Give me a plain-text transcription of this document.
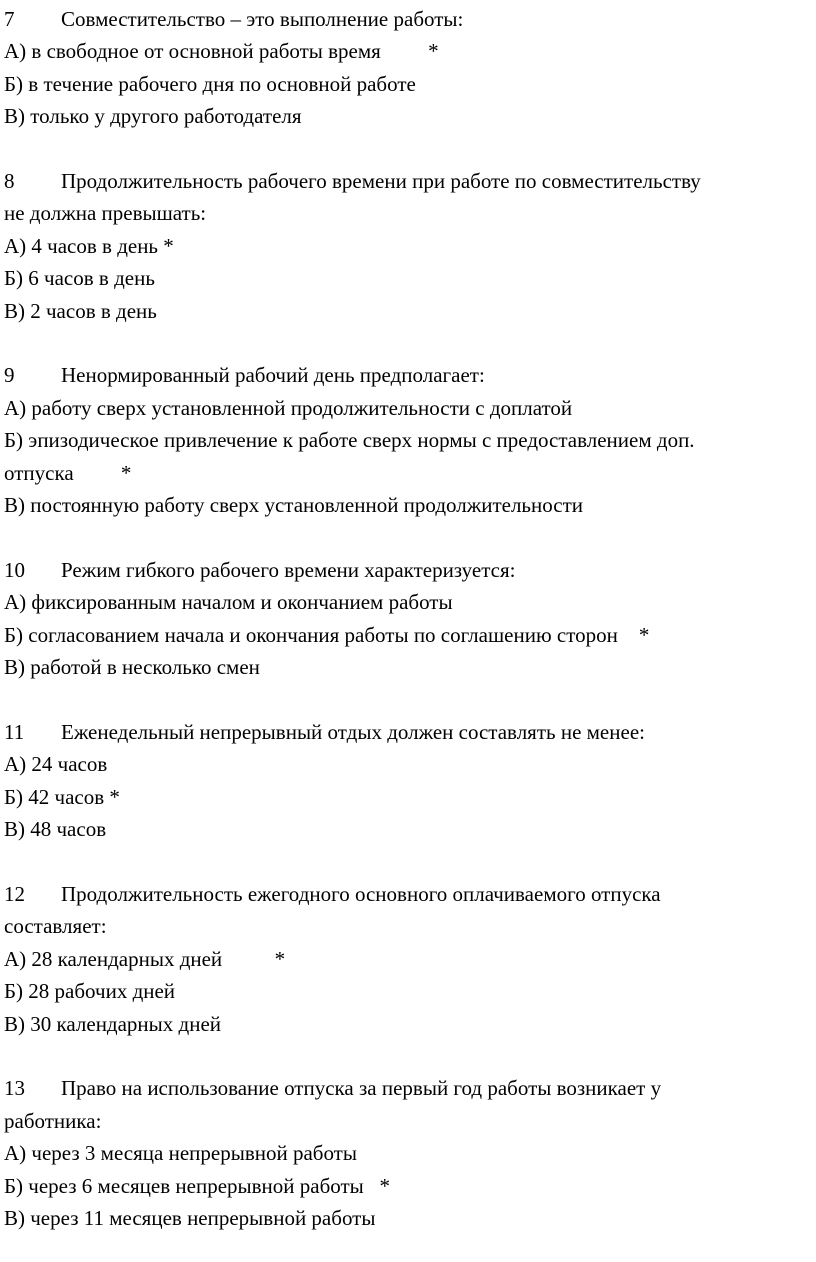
7 Совместительство – это выполнение работы:

А) в свободное от основной работы время         *

Б) в течение рабочего дня по основной работе

В) только у другого работодателя

8 Продолжительность рабочего времени при работе по совместительству

не должна превышать:

А) 4 часов в день *

Б) 6 часов в день

В) 2 часов в день

9 Ненормированный рабочий день предполагает:

А) работу сверх установленной продолжительности с доплатой

Б) эпизодическое привлечение к работе сверх нормы с предоставлением доп.

отпуска         *

В) постоянную работу сверх установленной продолжительности

10 Режим гибкого рабочего времени характеризуется:

А) фиксированным началом и окончанием работы

Б) согласованием начала и окончания работы по соглашению сторон    *

В) работой в несколько смен

11 Еженедельный непрерывный отдых должен составлять не менее:

А) 24 часов

Б) 42 часов *

В) 48 часов

12 Продолжительность ежегодного основного оплачиваемого отпуска

составляет:

А) 28 календарных дней          *

Б) 28 рабочих дней

В) 30 календарных дней

13 Право на использование отпуска за первый год работы возникает у

работника:

А) через 3 месяца непрерывной работы

Б) через 6 месяцев непрерывной работы   *

В) через 11 месяцев непрерывной работы
